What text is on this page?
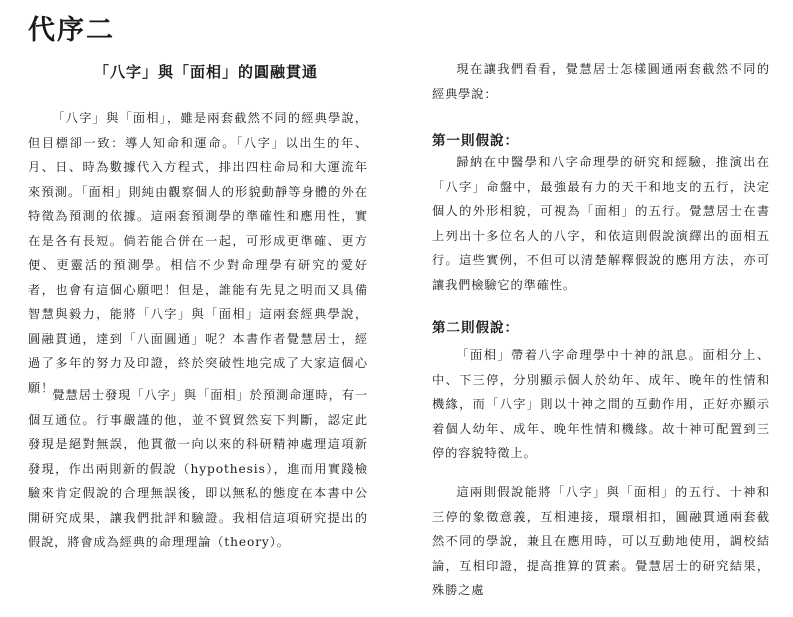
代序二
「八字」與「面相」的圓融貫通

「八字」與「面相」，雖是兩套截然不同的經典學說，但目標卻一致：導人知命和運命。「八字」以出生的年、月、日、時為數據代入方程式，排出四柱命局和大運流年來預測。「面相」則純由觀察個人的形貌動靜等身體的外在特徵為預測的依據。這兩套預測學的準確性和應用性，實在是各有長短。倘若能合併在一起，可形成更準確、更方便、更靈活的預測學。相信不少對命理學有研究的愛好者，也會有這個心願吧！但是，誰能有先見之明而又具備智慧與毅力，能將「八字」與「面相」這兩套經典學說，圓融貫通，達到「八面圓通」呢？本書作者覺慧居士，經過了多年的努力及印證，終於突破性地完成了大家這個心願！

覺慧居士發現「八字」與「面相」於預測命運時，有一個互通位。行事嚴謹的他，並不貿貿然妄下判斷，認定此發現是絕對無誤，他貫徹一向以來的科研精神處理這項新發現，作出兩則新的假說（hypothesis），進而用實踐檢驗來肯定假說的合理無誤後，即以無私的態度在本書中公開研究成果，讓我們批評和驗證。我相信這項研究提出的假說，將會成為經典的命理理論（theory）。

現在讓我們看看，覺慧居士怎樣圓通兩套截然不同的經典學說：

第一則假說：

歸納在中醫學和八字命理學的研究和經驗，推演出在「八字」命盤中，最強最有力的天干和地支的五行，決定個人的外形相貌，可視為「面相」的五行。覺慧居士在書上列出十多位名人的八字，和依這則假說演繹出的面相五行。這些實例，不但可以清楚解釋假說的應用方法，亦可讓我們檢驗它的準確性。

第二則假說：

「面相」帶着八字命理學中十神的訊息。面相分上、中、下三停，分別顯示個人於幼年、成年、晚年的性情和機緣，而「八字」則以十神之間的互動作用，正好亦顯示着個人幼年、成年、晚年性情和機緣。故十神可配置到三停的容貌特徵上。

這兩則假說能將「八字」與「面相」的五行、十神和三停的象徵意義，互相連接，環環相扣，圓融貫通兩套截然不同的學說，兼且在應用時，可以互動地使用，調校結論，互相印證，提高推算的質素。覺慧居士的研究結果，殊勝之處
